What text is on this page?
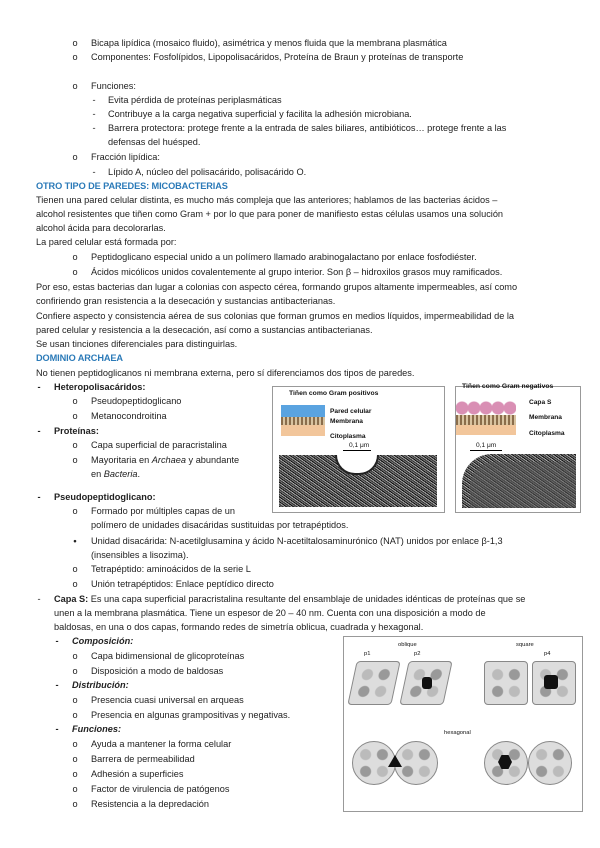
o	Bicapa lipídica (mosaico fluido), asimétrica y menos fluida que la membrana plasmática
o	Componentes: Fosfolípidos, Lipopolisacáridos, Proteína de Braun y proteínas de transporte
o	Funciones:
-	Evita pérdida de proteínas periplasmáticas
-	Contribuye a la carga negativa superficial y facilita la adhesión microbiana.
-	Barrera protectora: protege frente a la entrada de sales biliares, antibióticos… protege frente a las
defensas del huésped.
o	Fracción lipídica:
-	Lípido A, núcleo del polisacárido, polisacárido O.
OTRO TIPO DE PAREDES: MICOBACTERIAS
Tienen una pared celular distinta, es mucho más compleja que las anteriores; hablamos de las bacterias ácidos –
alcohol resistentes que tiñen como Gram + por lo que para poner de manifiesto estas células usamos una solución
alcohol ácida para decolorarlas.
La pared celular está formada por:
o	Peptidoglicano especial unido a un polímero llamado arabinogalactano por enlace fosfodiéster.
o	Ácidos micólicos unidos covalentemente al grupo interior. Son β – hidroxilos grasos muy ramificados.
Por eso, estas bacterias dan lugar a colonias con aspecto cérea, formando grupos altamente impermeables, así como
confiriendo gran resistencia a la desecación y sustancias antibacterianas.
Confiere aspecto y consistencia aérea de sus colonias que forman grumos en medios líquidos, impermeabilidad de la
pared celular y resistencia a la desecación, así como a sustancias antibacterianas.
Se usan tinciones diferenciales para distinguirlas.
DOMINIO ARCHAEA
No tienen peptidoglicanos ni membrana externa, pero sí diferenciamos dos tipos de paredes.
-	Heteropolisacáridos:
o	Pseudopeptidoglicano
o	Metanocondroitina
-	Proteínas:
o	Capa superficial de paracristalina
o	Mayoritaria en Archaea y abundante
en Bacteria.
-	Pseudopeptidoglicano:
o	Formado por múltiples capas de un
polímero de unidades disacáridas sustituidas por tetrapéptidos.
•	Unidad disacárida: N-acetilglusamina y ácido N-acetiltalosaminurónico (NAT) unidos por enlace β-1,3
(insensibles a lisozima).
o	Tetrapéptido: aminoácidos de la serie L
o	Unión tetrapéptidos: Enlace peptídico directo
-	Capa S: Es una capa superficial paracristalina resultante del ensamblaje de unidades idénticas de proteínas que se
unen a la membrana plasmática. Tiene un espesor de 20 – 40 nm. Cuenta con una disposición a modo de
baldosas, en una o dos capas, formando redes de simetría oblicua, cuadrada y hexagonal.
-	Composición:
o	Capa bidimensional de glicoproteínas
o	Disposición a modo de baldosas
-	Distribución:
o	Presencia cuasi universal en arqueas
o	Presencia en algunas grampositivas y negativas.
-	Funciones:
o	Ayuda a mantener la forma celular
o	Barrera de permeabilidad
o	Adhesión a superficies
o	Factor de virulencia de patógenos
o	Resistencia a la depredación
Tiñen como Gram positivos
Pared celular
Membrana
Citoplasma
0,1 μm
Tiñen como Gram negativos
Capa S
Membrana
Citoplasma
0,1 μm
oblique	square
p1	p2	p4
hexagonal
